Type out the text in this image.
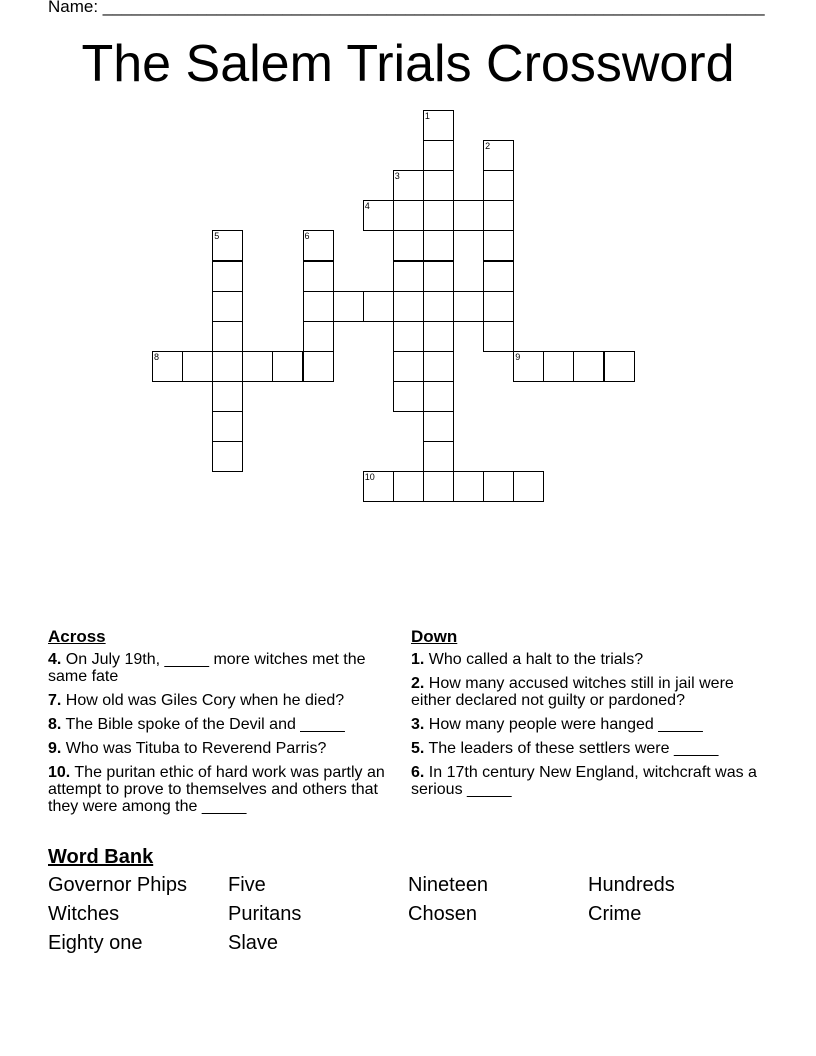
Name: ______________________________________________________________________
The Salem Trials Crossword
1
2
3
4
5	6
8	9
10
Across
4. On July 19th, _____ more witches met the same fate
7. How old was Giles Cory when he died?
8. The Bible spoke of the Devil and _____
9. Who was Tituba to Reverend Parris?
10. The puritan ethic of hard work was partly an attempt to prove to themselves and others that they were among the _____
Down
1. Who called a halt to the trials?
2. How many accused witches still in jail were either declared not guilty or pardoned?
3. How many people were hanged _____
5. The leaders of these settlers were _____
6. In 17th century New England, witchcraft was a serious _____
Word Bank
Governor Phips	Five	Nineteen	Hundreds
Witches	Puritans	Chosen	Crime
Eighty one	Slave
